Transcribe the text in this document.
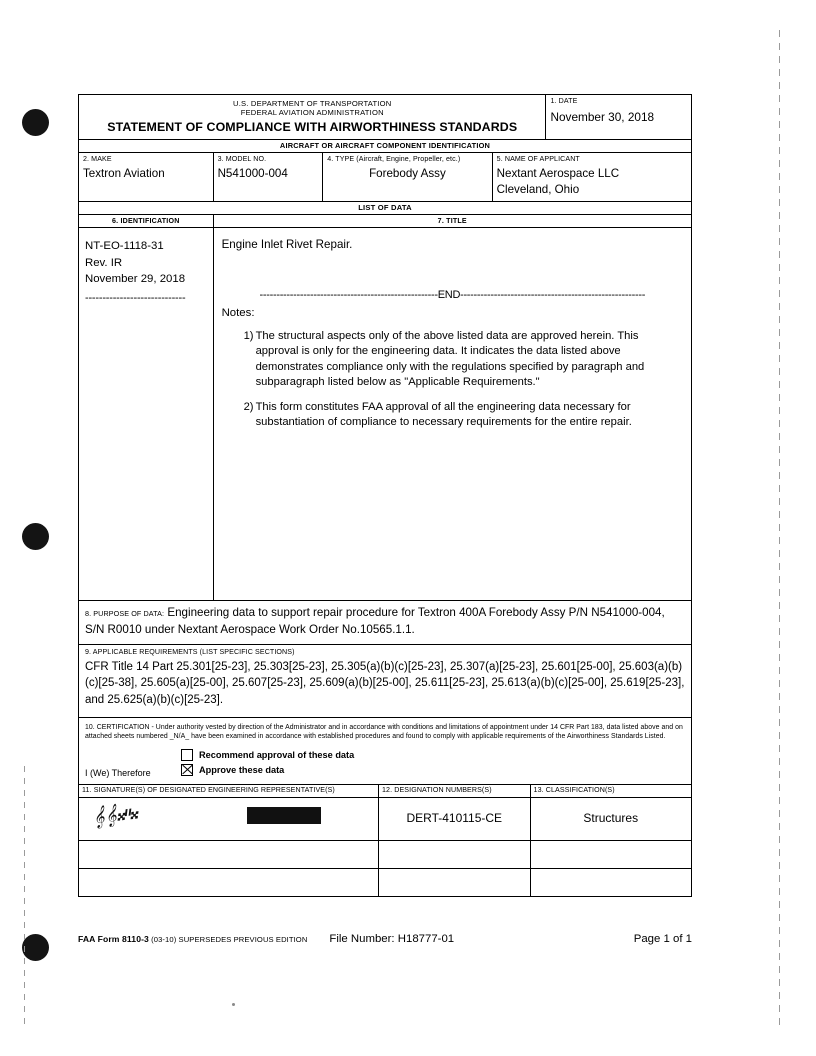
U.S. DEPARTMENT OF TRANSPORTATION
FEDERAL AVIATION ADMINISTRATION
STATEMENT OF COMPLIANCE WITH AIRWORTHINESS STANDARDS
1. DATE
November 30, 2018
AIRCRAFT OR AIRCRAFT COMPONENT IDENTIFICATION
2. MAKE
Textron Aviation
3. MODEL NO.
N541000-004
4. TYPE (Aircraft, Engine, Propeller, etc.)
Forebody Assy
5. NAME OF APPLICANT
Nextant Aerospace LLC
Cleveland, Ohio
LIST OF DATA
6. IDENTIFICATION	7. TITLE
NT-EO-1118-31
Rev. IR
November 29, 2018
-----------------------------
Engine Inlet Rivet Repair.
-----------------------------------------------------END-------------------------------------------------------
Notes:
1) The structural aspects only of the above listed data are approved herein. This approval is only for the engineering data. It indicates the data listed above demonstrates compliance only with the regulations specified by paragraph and subparagraph listed below as "Applicable Requirements."
2) This form constitutes FAA approval of all the engineering data necessary for substantiation of compliance to necessary requirements for the entire repair.
8. PURPOSE OF DATA: Engineering data to support repair procedure for Textron 400A Forebody Assy P/N N541000-004, S/N R0010 under Nextant Aerospace Work Order No.10565.1.1.
9. APPLICABLE REQUIREMENTS (LIST SPECIFIC SECTIONS)
CFR Title 14 Part 25.301[25-23], 25.303[25-23], 25.305(a)(b)(c)[25-23], 25.307(a)[25-23], 25.601[25-00], 25.603(a)(b)(c)[25-38], 25.605(a)[25-00], 25.607[25-23], 25.609(a)(b)[25-00], 25.611[25-23], 25.613(a)(b)(c)[25-00], 25.619[25-23], and 25.625(a)(b)(c)[25-23].
10. CERTIFICATION - Under authority vested by direction of the Administrator and in accordance with conditions and limitations of appointment under 14 CFR Part 183, data listed above and on attached sheets numbered _N/A_ have been examined in accordance with established procedures and found to comply with applicable requirements of the Airworthiness Standards Listed.
Recommend approval of these data
Approve these data
I (We) Therefore
11. SIGNATURE(S) OF DESIGNATED ENGINEERING REPRESENTATIVE(S)	12. DESIGNATION NUMBERS(S)	13. CLASSIFICATION(S)
𝄞  𝄞 𝄪𝄥 𝄪	DERT-410115-CE	Structures
FAA Form 8110-3 (03-10) SUPERSEDES PREVIOUS EDITION File Number: H18777-01	Page 1 of 1
